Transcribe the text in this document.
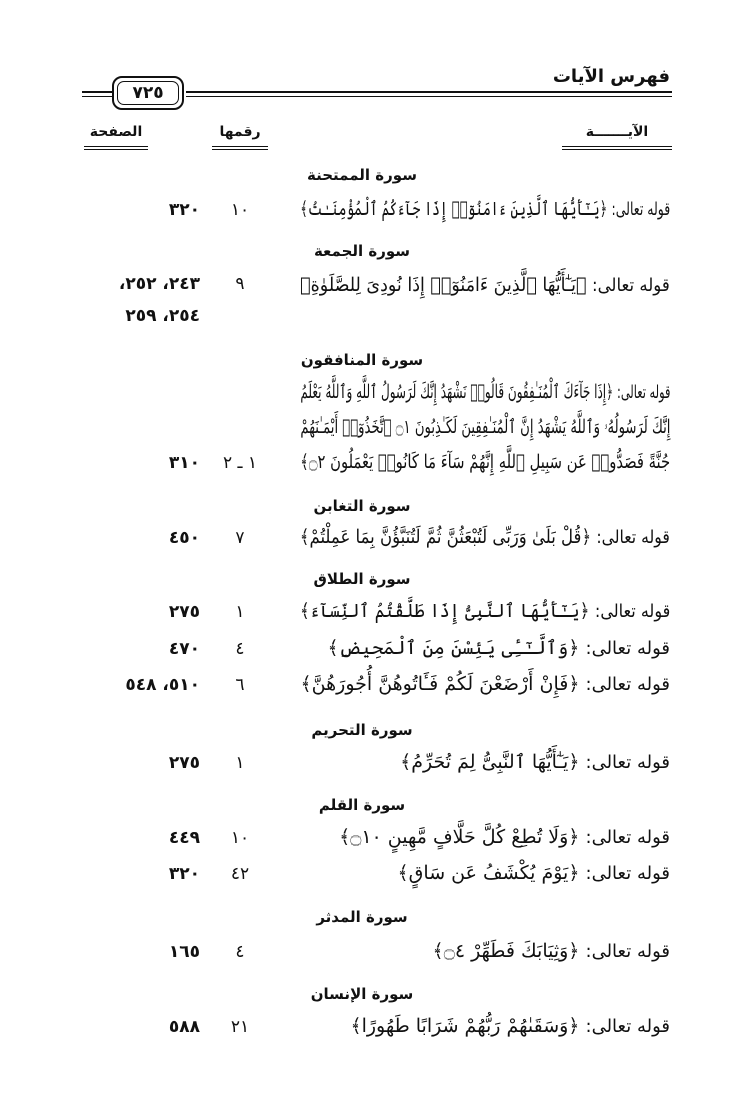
فهرس الآيات
٧٢٥
الآيـــــــة
رقمها
الصفحة
سورة الممتحنة
قوله تعالى: ﴿يَـٰٓأَيُّهَا ٱلَّذِينَ ءَامَنُوٓا۟ إِذَا جَآءَكُمُ ٱلْمُؤْمِنَـٰتُ﴾
١٠
٣٢٠
سورة الجمعة
قوله تعالى: ﴿يَـٰٓأَيُّهَا ٱلَّذِينَ ءَامَنُوٓا۟ إِذَا نُودِىَ لِلصَّلَوٰةِ﴾
٩
٢٤٣، ٢٥٢،
٢٥٤، ٢٥٩
سورة المنافقون
قوله تعالى: ﴿إِذَا جَآءَكَ ٱلْمُنَـٰفِقُونَ قَالُوا۟ نَشْهَدُ إِنَّكَ لَرَسُولُ ٱللَّهِ وَٱللَّهُ يَعْلَمُ
إِنَّكَ لَرَسُولُهُۥ وَٱللَّهُ يَشْهَدُ إِنَّ ٱلْمُنَـٰفِقِينَ لَكَـٰذِبُونَ ۝١ ٱتَّخَذُوٓا۟ أَيْمَـٰنَهُمْ
جُنَّةً فَصَدُّوا۟ عَن سَبِيلِ ٱللَّهِ إِنَّهُمْ سَآءَ مَا كَانُوا۟ يَعْمَلُونَ ۝٢﴾
١ ـ ٢
٣١٠
سورة التغابن
قوله تعالى: ﴿قُلْ بَلَىٰ وَرَبِّى لَتُبْعَثُنَّ ثُمَّ لَتُنَبَّؤُنَّ بِمَا عَمِلْتُمْ﴾
٧
٤٥٠
سورة الطلاق
قوله تعالى: ﴿يَـٰٓأَيُّهَا ٱلنَّبِىُّ إِذَا طَلَّقْتُمُ ٱلنِّسَآءَ﴾
١
٢٧٥
قوله تعالى: ﴿وَٱلَّـٰٓـِٔى يَئِسْنَ مِنَ ٱلْمَحِيضِ﴾
٤
٤٧٠
قوله تعالى: ﴿فَإِنْ أَرْضَعْنَ لَكُمْ فَـَٔاتُوهُنَّ أُجُورَهُنَّ﴾
٦
٥١٠، ٥٤٨
سورة التحريم
قوله تعالى: ﴿يَـٰٓأَيُّهَا ٱلنَّبِىُّ لِمَ تُحَرِّمُ﴾
١
٢٧٥
سورة القلم
قوله تعالى: ﴿وَلَا تُطِعْ كُلَّ حَلَّافٍ مَّهِينٍ ۝١٠﴾
١٠
٤٤٩
قوله تعالى: ﴿يَوْمَ يُكْشَفُ عَن سَاقٍ﴾
٤٢
٣٢٠
سورة المدثر
قوله تعالى: ﴿وَثِيَابَكَ فَطَهِّرْ ۝٤﴾
٤
١٦٥
سورة الإنسان
قوله تعالى: ﴿وَسَقَىٰهُمْ رَبُّهُمْ شَرَابًا طَهُورًا﴾
٢١
٥٨٨
